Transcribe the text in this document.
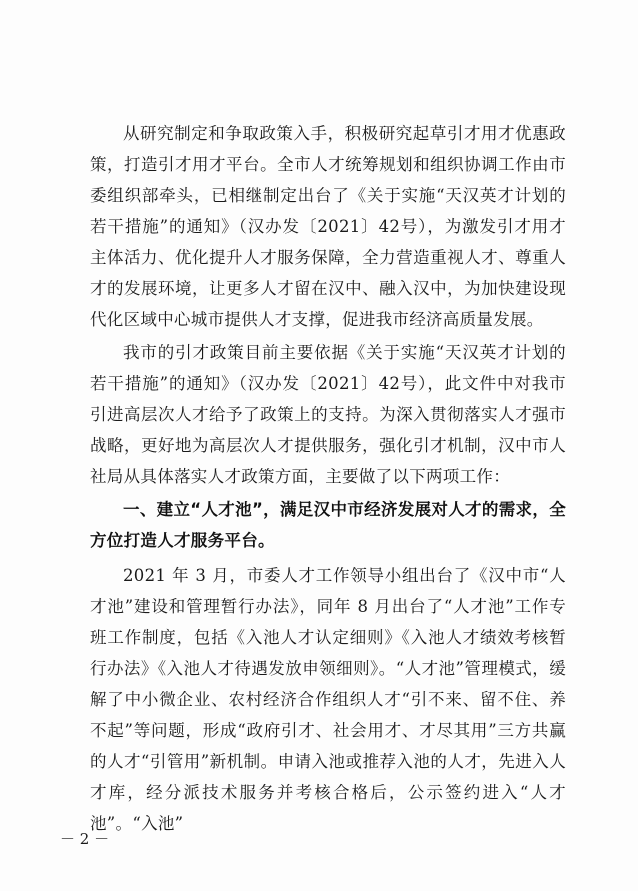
从研究制定和争取政策入手，积极研究起草引才用才优惠政策，打造引才用才平台。全市人才统筹规划和组织协调工作由市委组织部牵头，已相继制定出台了《关于实施“天汉英才计划的若干措施”的通知》（汉办发〔2021〕42号），为激发引才用才主体活力、优化提升人才服务保障，全力营造重视人才、尊重人才的发展环境，让更多人才留在汉中、融入汉中，为加快建设现代化区域中心城市提供人才支撑，促进我市经济高质量发展。

我市的引才政策目前主要依据《关于实施“天汉英才计划的若干措施”的通知》（汉办发〔2021〕42号），此文件中对我市引进高层次人才给予了政策上的支持。为深入贯彻落实人才强市战略，更好地为高层次人才提供服务，强化引才机制，汉中市人社局从具体落实人才政策方面，主要做了以下两项工作：

一、建立“人才池”，满足汉中市经济发展对人才的需求，全方位打造人才服务平台。

2021 年 3 月，市委人才工作领导小组出台了《汉中市“人才池”建设和管理暂行办法》，同年 8 月出台了“人才池”工作专班工作制度，包括《入池人才认定细则》《入池人才绩效考核暂行办法》《入池人才待遇发放申领细则》。“人才池”管理模式，缓解了中小微企业、农村经济合作组织人才“引不来、留不住、养不起”等问题，形成“政府引才、社会用才、才尽其用”三方共赢的人才“引管用”新机制。申请入池或推荐入池的人才，先进入人才库，经分派技术服务并考核合格后，公示签约进入“人才池”。“入池”

－ 2 －
